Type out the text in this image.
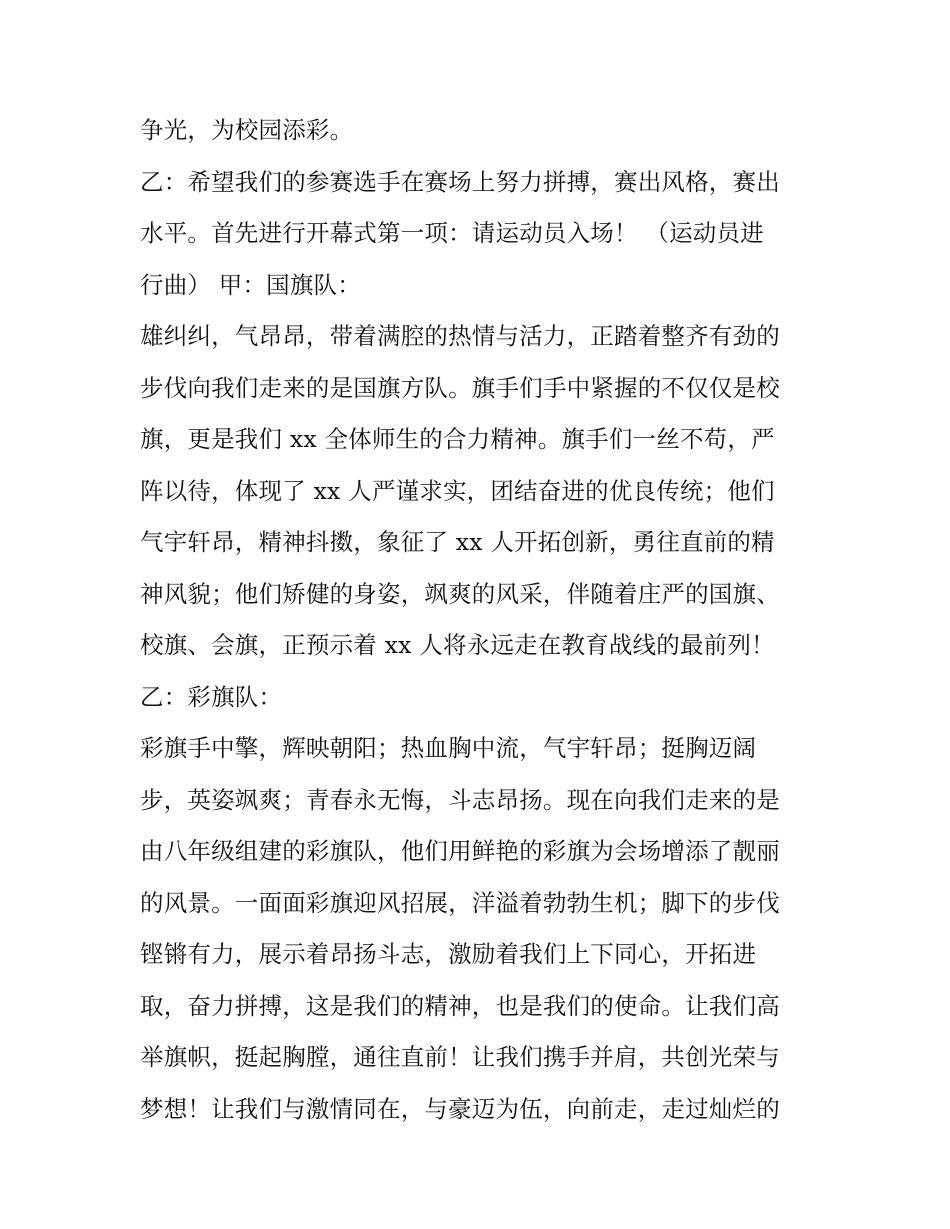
争光，为校园添彩。
乙：希望我们的参赛选手在赛场上努力拼搏，赛出风格，赛出
水平。首先进行开幕式第一项：请运动员入场！ （运动员进
行曲） 甲：国旗队：
雄纠纠，气昂昂，带着满腔的热情与活力，正踏着整齐有劲的
步伐向我们走来的是国旗方队。旗手们手中紧握的不仅仅是校
旗，更是我们 xx 全体师生的合力精神。旗手们一丝不苟，严
阵以待，体现了 xx 人严谨求实，团结奋进的优良传统；他们
气宇轩昂，精神抖擞，象征了 xx 人开拓创新，勇往直前的精
神风貌；他们矫健的身姿，飒爽的风采，伴随着庄严的国旗、
校旗、会旗，正预示着 xx 人将永远走在教育战线的最前列！
乙：彩旗队：
彩旗手中擎，辉映朝阳；热血胸中流，气宇轩昂；挺胸迈阔
步，英姿飒爽；青春永无悔，斗志昂扬。现在向我们走来的是
由八年级组建的彩旗队，他们用鲜艳的彩旗为会场增添了靓丽
的风景。一面面彩旗迎风招展，洋溢着勃勃生机；脚下的步伐
铿锵有力，展示着昂扬斗志，激励着我们上下同心，开拓进
取，奋力拼搏，这是我们的精神，也是我们的使命。让我们高
举旗帜，挺起胸膛，通往直前！让我们携手并肩，共创光荣与
梦想！让我们与激情同在，与豪迈为伍，向前走，走过灿烂的
